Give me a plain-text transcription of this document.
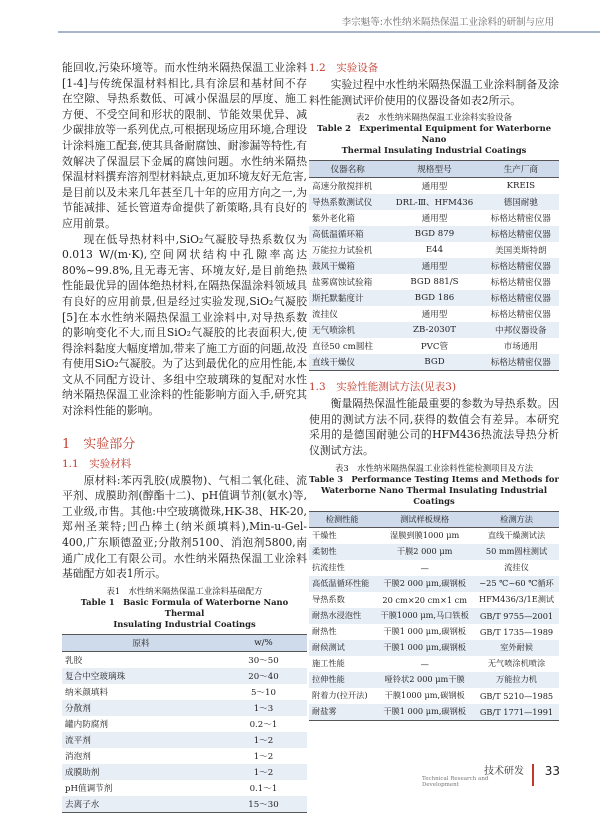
李宗魁等:水性纳米隔热保温工业涂料的研制与应用

能回收,污染环境等。而水性纳米隔热保温工业涂料[1-4]与传统保温材料相比,具有涂层和基材间不存在空隙、导热系数低、可减小保温层的厚度、施工方便、不受空间和形状的限制、节能效果优异、减少碳排放等一系列优点,可根据现场应用环境,合理设计涂料施工配套,使其具备耐腐蚀、耐渗漏等特性,有效解决了保温层下金属的腐蚀问题。水性纳米隔热保温材料撰弃溶剂型材料缺点,更加环境友好无危害,是目前以及未来几年甚至几十年的应用方向之一,为节能减排、延长管道寿命提供了新策略,具有良好的应用前景。

现在低导热材料中,SiO₂气凝胶导热系数仅为0.013 W/(m·K),空间网状结构中孔隙率高达80%~99.8%,且无毒无害、环境友好,是目前绝热性能最优异的固体绝热材料,在隔热保温涂料领域具有良好的应用前景,但是经过实验发现,SiO₂气凝胶[5]在本水性纳米隔热保温工业涂料中,对导热系数的影响变化不大,而且SiO₂气凝胶的比表面积大,使得涂料黏度大幅度增加,带来了施工方面的问题,故没有使用SiO₂气凝胶。为了达到最优化的应用性能,本文从不同配方设计、多组中空玻璃珠的复配对水性纳米隔热保温工业涂料的性能影响方面入手,研究其对涂料性能的影响。

1　实验部分
1.1　实验材料

原材料:苯丙乳胶(成膜物)、气相二氧化硅、流平剂、成膜助剂(醇酯十二)、pH值调节剂(氨水)等,工业级,市售。其他:中空玻璃微珠,HK-38、HK-20,郑州圣莱特;凹凸棒土(纳米颜填料),Min-u-Gel-400,广东顺德盈亚;分散剂5100、消泡剂5800,南通广成化工有限公司。水性纳米隔热保温工业涂料基础配方如表1所示。

表1　水性纳米隔热保温工业涂料基础配方
Table 1　Basic Formula of Waterborne Nano Thermal
Insulating Industrial Coatings
原料	w/%
乳胶	30～50
复合中空玻璃珠	20～40
纳米颜填料	5～10
分散剂	1～3
罐内防腐剂	0.2～1
流平剂	1～2
消泡剂	1～2
成膜助剂	1～2
pH值调节剂	0.1～1
去离子水	15～30
1.2　实验设备

实验过程中水性纳米隔热保温工业涂料制备及涂料性能测试评价使用的仪器设备如表2所示。

表2　水性纳米隔热保温工业涂料实验设备
Table 2　Experimental Equipment for Waterborne Nano
Thermal Insulating Industrial Coatings
仪器名称	规格型号	生产厂商
高速分散搅拌机	通用型	KREIS
导热系数测试仪	DRL-Ⅲ、HFM436	德国耐驰
紫外老化箱	通用型	标格达精密仪器
高低温循环箱	BGD 879	标格达精密仪器
万能拉力试验机	E44	美国美斯特朗
鼓风干燥箱	通用型	标格达精密仪器
盐雾腐蚀试验箱	BGD 881/S	标格达精密仪器
斯托默黏度计	BGD 186	标格达精密仪器
流挂仪	通用型	标格达精密仪器
无气喷涂机	ZB-2030T	中邦仪器设备
直径50 cm圆柱	PVC管	市场通用
直线干燥仪	BGD	标格达精密仪器
1.3　实验性能测试方法(见表3)

衡量隔热保温性能最重要的参数为导热系数。因使用的测试方法不同,获得的数值会有差异。本研究采用的是德国耐驰公司的HFM436热流法导热分析仪测试方法。

表3　水性纳米隔热保温工业涂料性能检测项目及方法
Table 3　Performance Testing Items and Methods for
Waterborne Nano Thermal Insulating Industrial Coatings
检测性能	测试样板规格	检测方法
干燥性	湿膜到膜1000 μm	直线干燥测试法
柔韧性	干膜2 000 μm	50 mm圆柱测试
抗流挂性	—	流挂仪
高低温循环性能	干膜2 000 μm,碳钢板	−25 ℃~60 ℃循环
导热系数	20 cm×20 cm×1 cm	HFM436/3/1E测试
耐热水浸泡性	干膜1000 μm,马口铁板	GB/T 9755—2001
耐热性	干膜1 000 μm,碳钢板	GB/T 1735—1989
耐候测试	干膜1 000 μm,碳钢板	室外耐候
施工性能	—	无气喷涂机喷涂
拉伸性能	哑铃状2 000 μm干膜	万能拉力机
附着力(拉开法)	干膜1000 μm,碳钢板	GB/T 5210—1985
耐盐雾	干膜1 000 μm,碳钢板	GB/T 1771—1991
技术研发
Technical Research and Development
33
